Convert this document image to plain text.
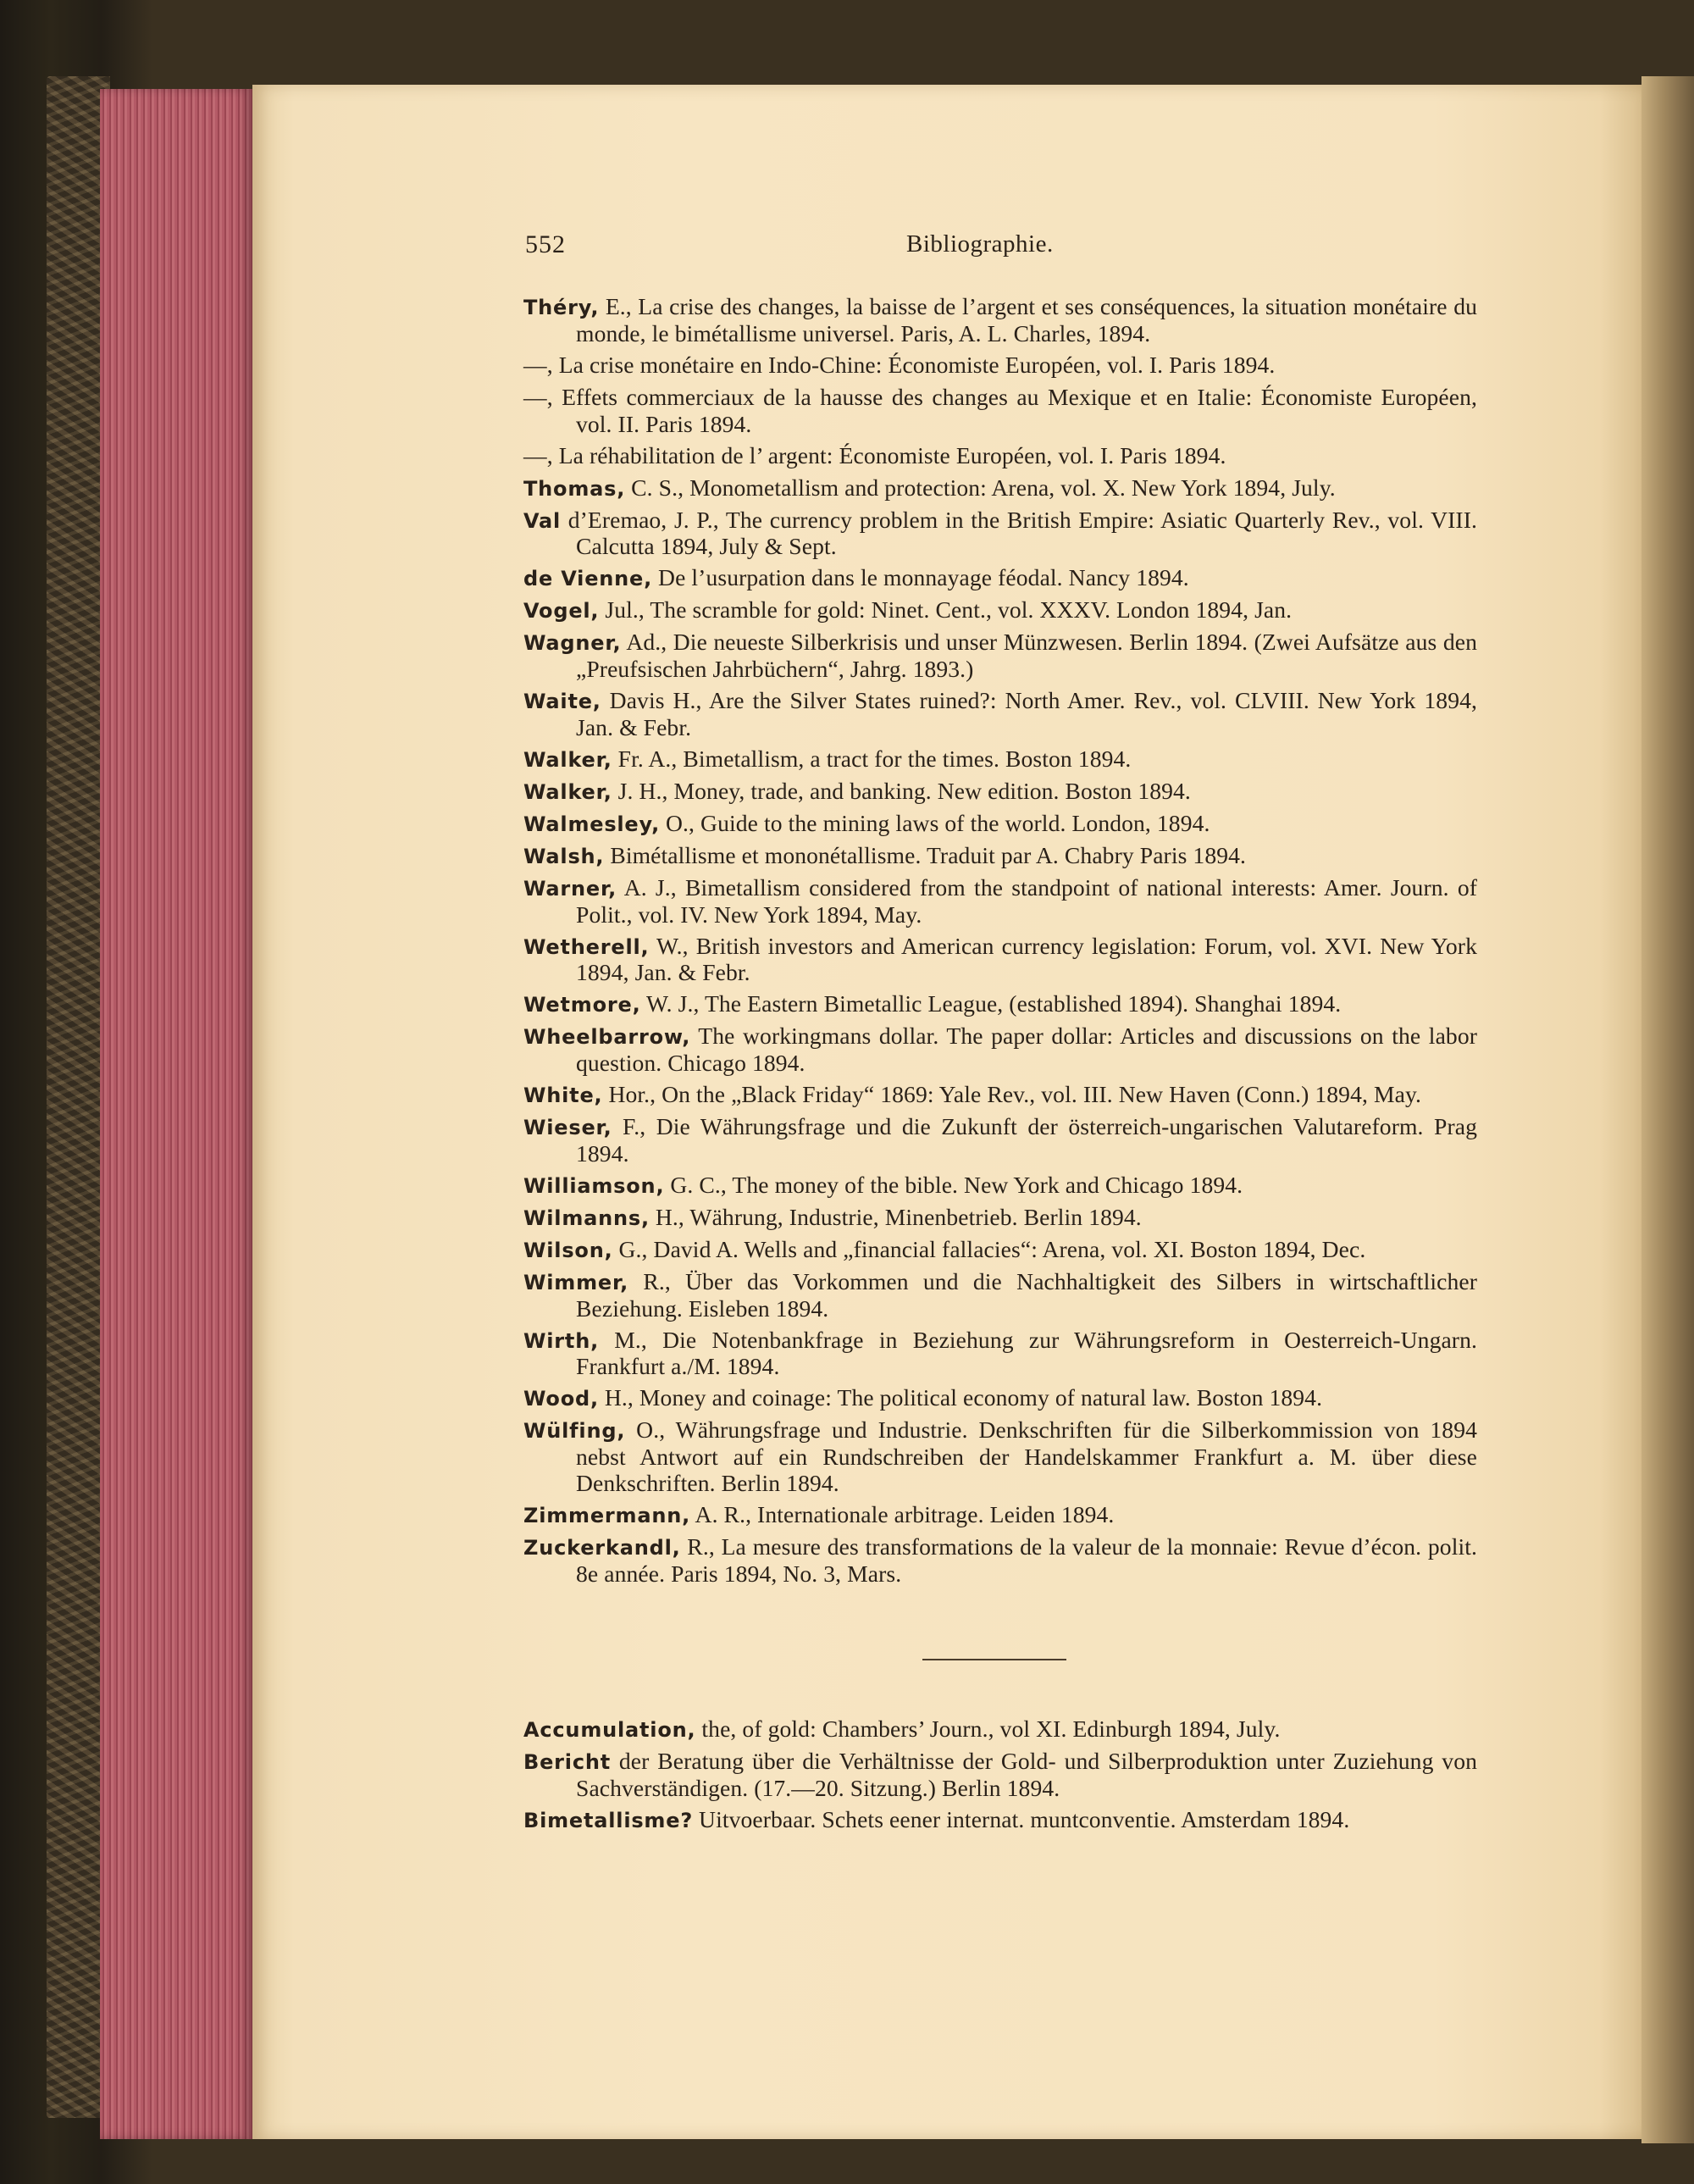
552	Bibliographie.
Théry, E., La crise des changes, la baisse de l’argent et ses conséquences, la situation monétaire du monde, le bimétallisme universel. Paris, A. L. Charles, 1894.
—, La crise monétaire en Indo-Chine: Économiste Européen, vol. I. Paris 1894.
—, Effets commerciaux de la hausse des changes au Mexique et en Italie: Économiste Européen, vol. II. Paris 1894.
—, La réhabilitation de l’ argent: Économiste Européen, vol. I. Paris 1894.
Thomas, C. S., Monometallism and protection: Arena, vol. X. New York 1894, July.
Val d’Eremao, J. P., The currency problem in the British Empire: Asiatic Quarterly Rev., vol. VIII. Calcutta 1894, July & Sept.
de Vienne, De l’usurpation dans le monnayage féodal. Nancy 1894.
Vogel, Jul., The scramble for gold: Ninet. Cent., vol. XXXV. London 1894, Jan.
Wagner, Ad., Die neueste Silberkrisis und unser Münzwesen. Berlin 1894. (Zwei Aufsätze aus den „Preufsischen Jahrbüchern“, Jahrg. 1893.)
Waite, Davis H., Are the Silver States ruined?: North Amer. Rev., vol. CLVIII. New York 1894, Jan. & Febr.
Walker, Fr. A., Bimetallism, a tract for the times. Boston 1894.
Walker, J. H., Money, trade, and banking. New edition. Boston 1894.
Walmesley, O., Guide to the mining laws of the world. London, 1894.
Walsh, Bimétallisme et mononétallisme. Traduit par A. Chabry Paris 1894.
Warner, A. J., Bimetallism considered from the standpoint of national interests: Amer. Journ. of Polit., vol. IV. New York 1894, May.
Wetherell, W., British investors and American currency legislation: Forum, vol. XVI. New York 1894, Jan. & Febr.
Wetmore, W. J., The Eastern Bimetallic League, (established 1894). Shanghai 1894.
Wheelbarrow, The workingmans dollar. The paper dollar: Articles and discussions on the labor question. Chicago 1894.
White, Hor., On the „Black Friday“ 1869: Yale Rev., vol. III. New Haven (Conn.) 1894, May.
Wieser, F., Die Währungsfrage und die Zukunft der österreich-ungarischen Valutareform. Prag 1894.
Williamson, G. C., The money of the bible. New York and Chicago 1894.
Wilmanns, H., Währung, Industrie, Minenbetrieb. Berlin 1894.
Wilson, G., David A. Wells and „financial fallacies“: Arena, vol. XI. Boston 1894, Dec.
Wimmer, R., Über das Vorkommen und die Nachhaltigkeit des Silbers in wirtschaftlicher Beziehung. Eisleben 1894.
Wirth, M., Die Notenbankfrage in Beziehung zur Währungsreform in Oesterreich-Ungarn. Frankfurt a./M. 1894.
Wood, H., Money and coinage: The political economy of natural law. Boston 1894.
Wülfing, O., Währungsfrage und Industrie. Denkschriften für die Silberkommission von 1894 nebst Antwort auf ein Rundschreiben der Handelskammer Frankfurt a. M. über diese Denkschriften. Berlin 1894.
Zimmermann, A. R., Internationale arbitrage. Leiden 1894.
Zuckerkandl, R., La mesure des transformations de la valeur de la monnaie: Revue d’écon. polit. 8e année. Paris 1894, No. 3, Mars.
Accumulation, the, of gold: Chambers’ Journ., vol XI. Edinburgh 1894, July.
Bericht der Beratung über die Verhältnisse der Gold- und Silberproduktion unter Zuziehung von Sachverständigen. (17.—20. Sitzung.) Berlin 1894.
Bimetallisme? Uitvoerbaar. Schets eener internat. muntconventie. Amsterdam 1894.
